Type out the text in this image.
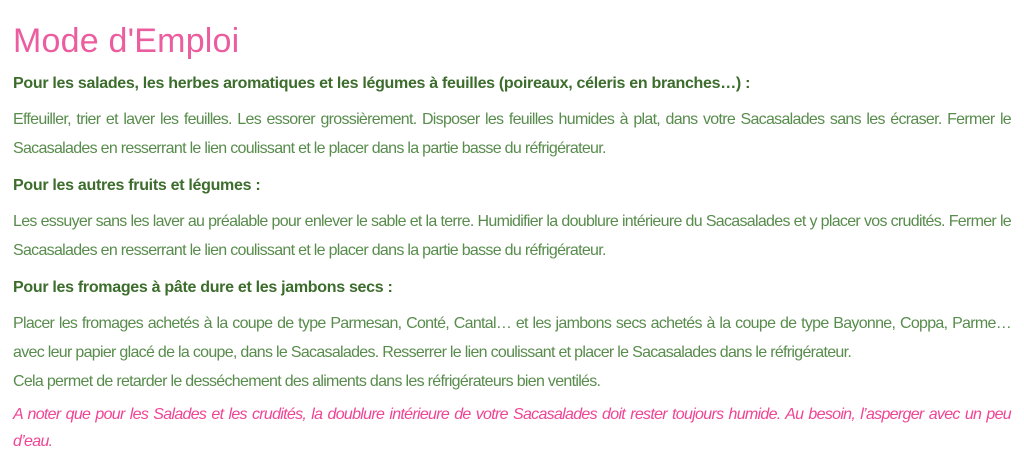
Mode d'Emploi
Pour les salades, les herbes aromatiques et les légumes à feuilles (poireaux, céleris en branches…) :

Effeuiller, trier et laver les feuilles. Les essorer grossièrement. Disposer les feuilles humides à plat, dans votre Sacasalades sans les écraser. Fermer le Sacasalades en resserrant le lien coulissant et le placer dans la partie basse du réfrigérateur.

Pour les autres fruits et légumes :

Les essuyer sans les laver au préalable pour enlever le sable et la terre. Humidifier la doublure intérieure du Sacasalades et y placer vos crudités. Fermer le Sacasalades en resserrant le lien coulissant et le placer dans la partie basse du réfrigérateur.

Pour les fromages à pâte dure et les jambons secs :

Placer les fromages achetés à la coupe de type Parmesan, Conté, Cantal… et les jambons secs achetés à la coupe de type Bayonne, Coppa, Parme… avec leur papier glacé de la coupe, dans le Sacasalades. Resserrer le lien coulissant et placer le Sacasalades dans le réfrigérateur.
Cela permet de retarder le desséchement des aliments dans les réfrigérateurs bien ventilés.

A noter que pour les Salades et les crudités, la doublure intérieure de votre Sacasalades doit rester toujours humide. Au besoin, l’asperger avec un peu d’eau.
